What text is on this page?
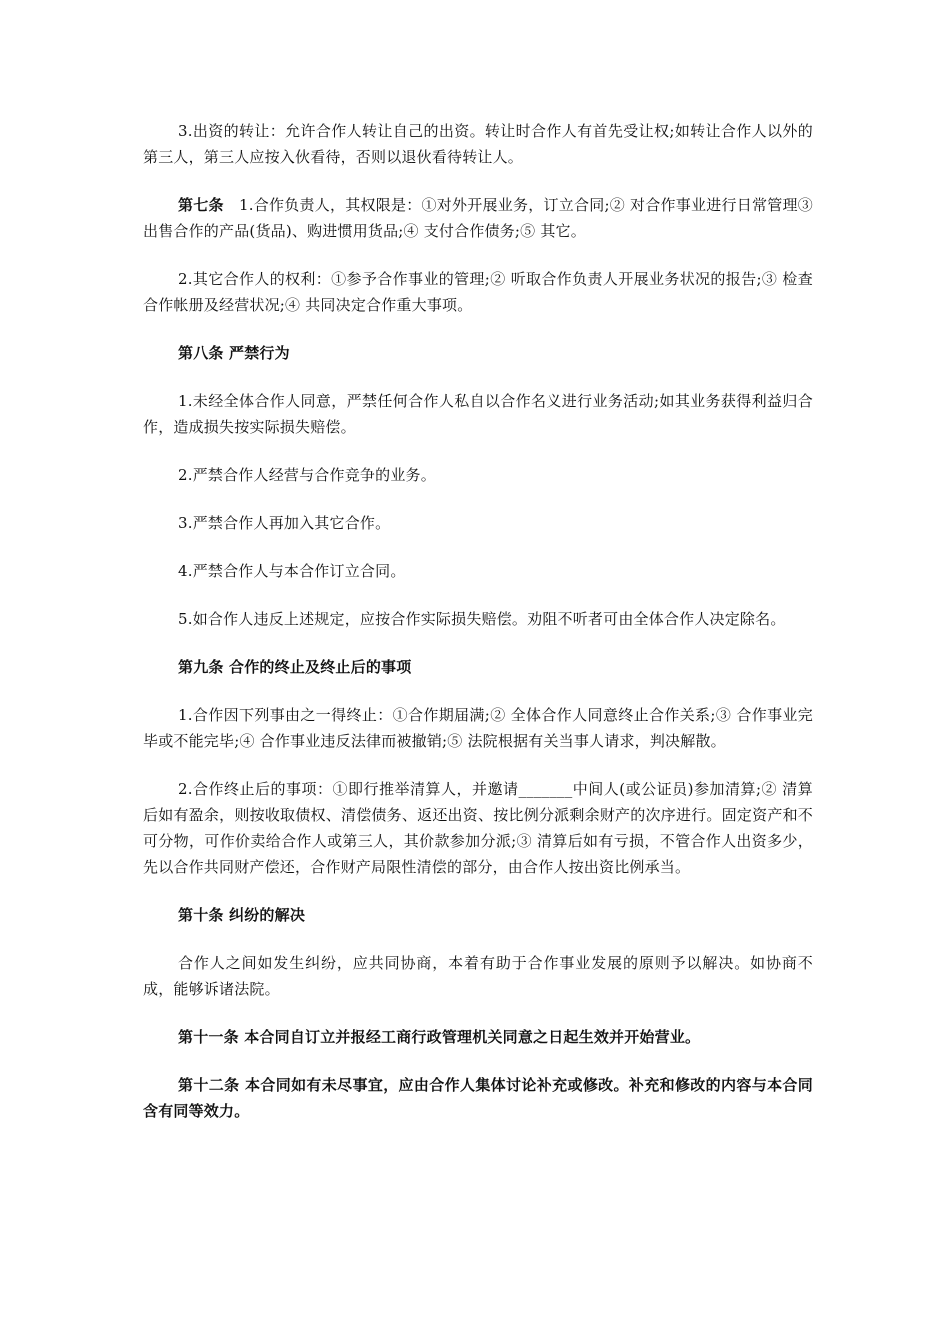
3.出资的转让：允许合作人转让自己的出资。转让时合作人有首先受让权;如转让合作人以外的第三人，第三人应按入伙看待，否则以退伙看待转让人。

第七条　1.合作负责人，其权限是：①对外开展业务，订立合同;② 对合作事业进行日常管理③出售合作的产品(货品)、购进惯用货品;④ 支付合作债务;⑤ 其它。

2.其它合作人的权利：①参予合作事业的管理;② 听取合作负责人开展业务状况的报告;③ 检查合作帐册及经营状况;④ 共同决定合作重大事项。

第八条 严禁行为

1.未经全体合作人同意，严禁任何合作人私自以合作名义进行业务活动;如其业务获得利益归合作，造成损失按实际损失赔偿。

2.严禁合作人经营与合作竞争的业务。

3.严禁合作人再加入其它合作。

4.严禁合作人与本合作订立合同。

5.如合作人违反上述规定，应按合作实际损失赔偿。劝阻不听者可由全体合作人决定除名。

第九条 合作的终止及终止后的事项

1.合作因下列事由之一得终止：①合作期届满;② 全体合作人同意终止合作关系;③ 合作事业完毕或不能完毕;④ 合作事业违反法律而被撤销;⑤ 法院根据有关当事人请求，判决解散。

2.合作终止后的事项：①即行推举清算人，并邀请_______中间人(或公证员)参加清算;② 清算后如有盈余，则按收取债权、清偿债务、返还出资、按比例分派剩余财产的次序进行。固定资产和不可分物，可作价卖给合作人或第三人，其价款参加分派;③ 清算后如有亏损，不管合作人出资多少，先以合作共同财产偿还，合作财产局限性清偿的部分，由合作人按出资比例承当。

第十条 纠纷的解决

合作人之间如发生纠纷，应共同协商，本着有助于合作事业发展的原则予以解决。如协商不成，能够诉诸法院。

第十一条 本合同自订立并报经工商行政管理机关同意之日起生效并开始营业。

第十二条 本合同如有未尽事宜，应由合作人集体讨论补充或修改。补充和修改的内容与本合同含有同等效力。
